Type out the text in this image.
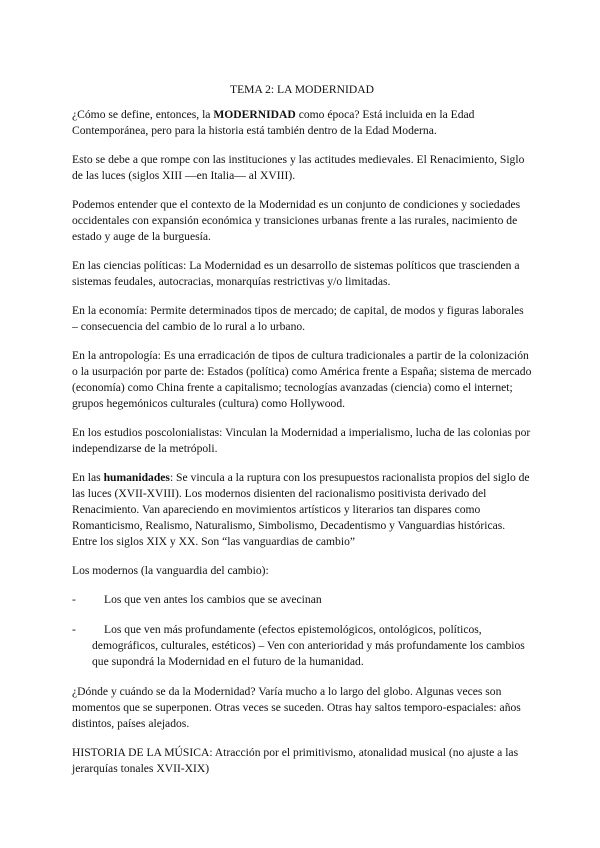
TEMA 2: LA MODERNIDAD

¿Cómo se define, entonces, la MODERNIDAD como época? Está incluida en la Edad Contemporánea, pero para la historia está también dentro de la Edad Moderna.

Esto se debe a que rompe con las instituciones y las actitudes medievales. El Renacimiento, Siglo de las luces (siglos XIII —en Italia— al XVIII).

Podemos entender que el contexto de la Modernidad es un conjunto de condiciones y sociedades occidentales con expansión económica y transiciones urbanas frente a las rurales, nacimiento de estado y auge de la burguesía.

En las ciencias políticas: La Modernidad es un desarrollo de sistemas políticos que trascienden a sistemas feudales, autocracias, monarquías restrictivas y/o limitadas.

En la economía: Permite determinados tipos de mercado; de capital, de modos y figuras laborales – consecuencia del cambio de lo rural a lo urbano.

En la antropología: Es una erradicación de tipos de cultura tradicionales a partir de la colonización o la usurpación por parte de: Estados (política) como América frente a España; sistema de mercado (economía) como China frente a capitalismo; tecnologías avanzadas (ciencia) como el internet; grupos hegemónicos culturales (cultura) como Hollywood.

En los estudios poscolonialistas: Vinculan la Modernidad a imperialismo, lucha de las colonias por independizarse de la metrópoli.

En las humanidades: Se vincula a la ruptura con los presupuestos racionalista propios del siglo de las luces (XVII-XVIII). Los modernos disienten del racionalismo positivista derivado del Renacimiento. Van apareciendo en movimientos artísticos y literarios tan dispares como Romanticismo, Realismo, Naturalismo, Simbolismo, Decadentismo y Vanguardias históricas. Entre los siglos XIX y XX. Son “las vanguardias de cambio”

Los modernos (la vanguardia del cambio):

- Los que ven antes los cambios que se avecinan
- Los que ven más profundamente (efectos epistemológicos, ontológicos, políticos, demográficos, culturales, estéticos) – Ven con anterioridad y más profundamente los cambios que supondrá la Modernidad en el futuro de la humanidad.

¿Dónde y cuándo se da la Modernidad? Varía mucho a lo largo del globo. Algunas veces son momentos que se superponen. Otras veces se suceden. Otras hay saltos temporo-espaciales: años distintos, países alejados.

HISTORIA DE LA MÚSICA: Atracción por el primitivismo, atonalidad musical (no ajuste a las jerarquías tonales XVII-XIX)
